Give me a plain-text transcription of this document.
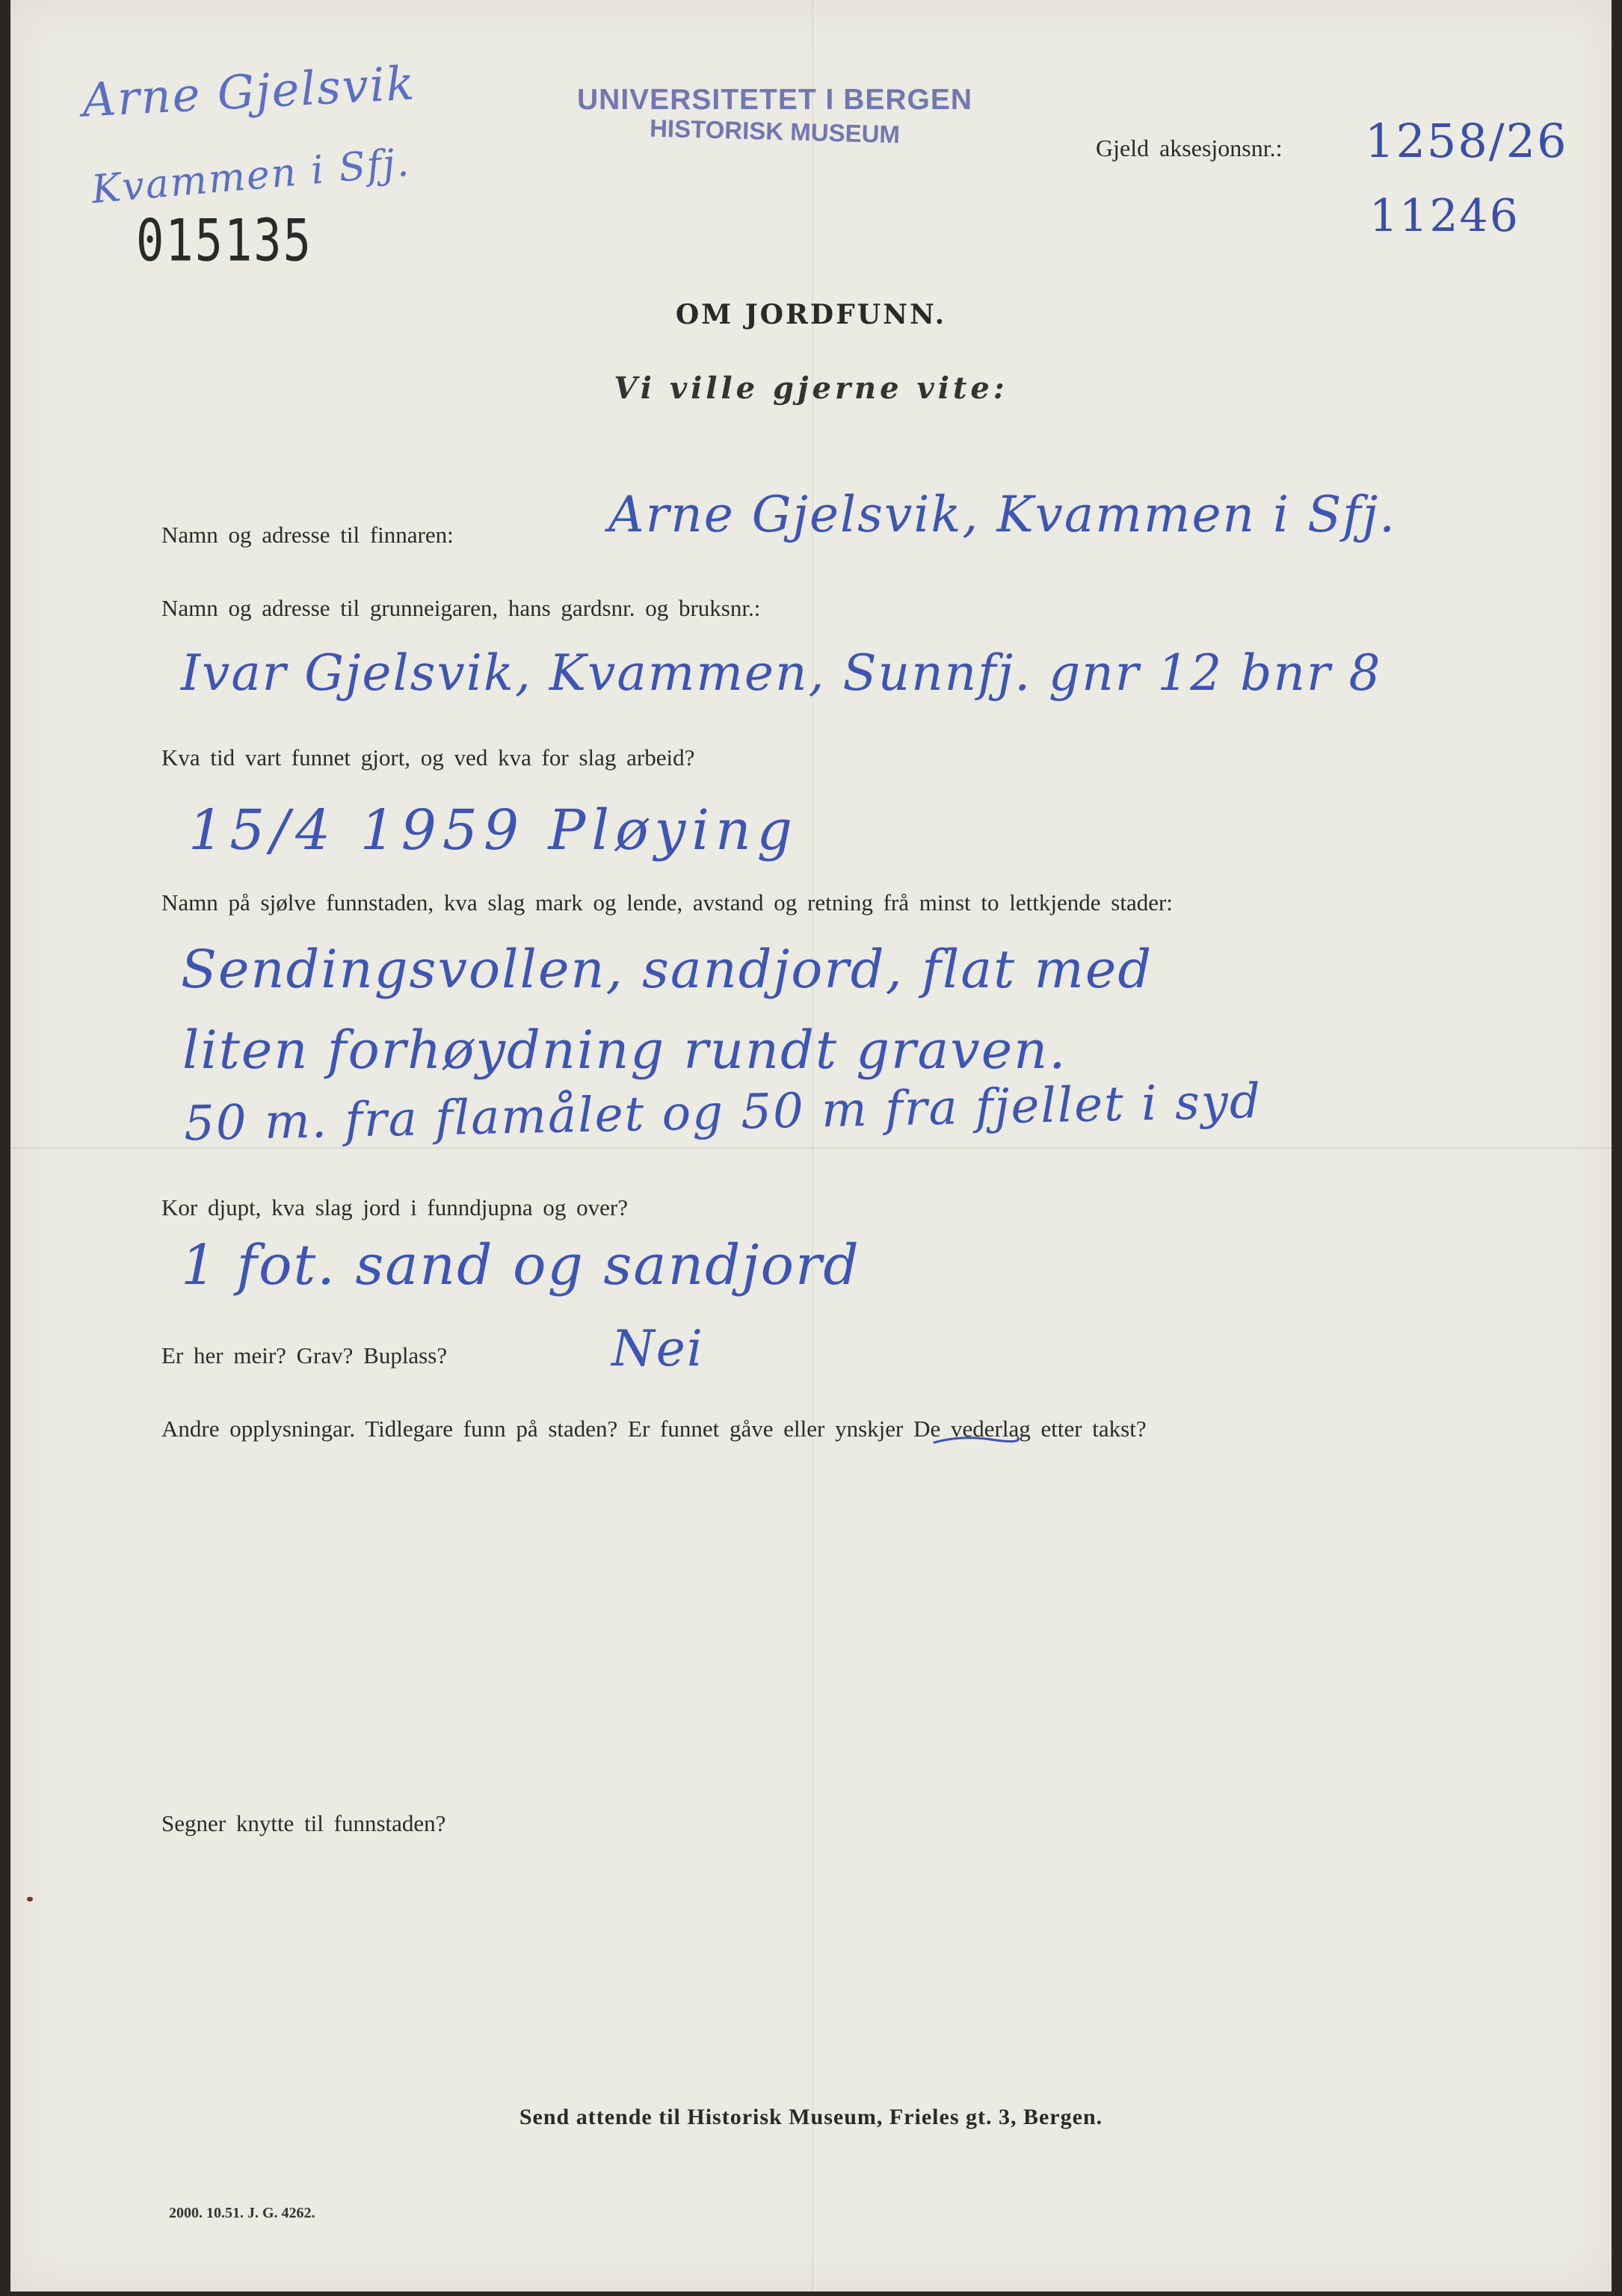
Arne Gjelsvik
Kvammen i Sfj.
015135
UNIVERSITETET I BERGEN
HISTORISK MUSEUM	Gjeld aksesjonsnr.: 1258/26
11246
OM JORDFUNN.
Vi ville gjerne vite:
Namn og adresse til finnaren:	Arne Gjelsvik, Kvammen i Sfj.
Namn og adresse til grunneigaren, hans gardsnr. og bruksnr.:
Ivar Gjelsvik, Kvammen, Sunnfj. gnr 12 bnr 8
Kva tid vart funnet gjort, og ved kva for slag arbeid?
15/4 1959 Pløying
Namn på sjølve funnstaden, kva slag mark og lende, avstand og retning frå minst to lettkjende stader:
Sendingsvollen, sandjord, flat med
liten forhøydning rundt graven.
50 m. fra flamålet og 50 m fra fjellet i syd
Kor djupt, kva slag jord i funndjupna og over?
1 fot. sand og sandjord
Er her meir? Grav? Buplass?	Nei
Andre opplysningar. Tidlegare funn på staden? Er funnet gåve eller ynskjer De vederlag etter takst?
Segner knytte til funnstaden?
Send attende til Historisk Museum, Frieles gt. 3, Bergen.
2000. 10.51. J. G. 4262.
